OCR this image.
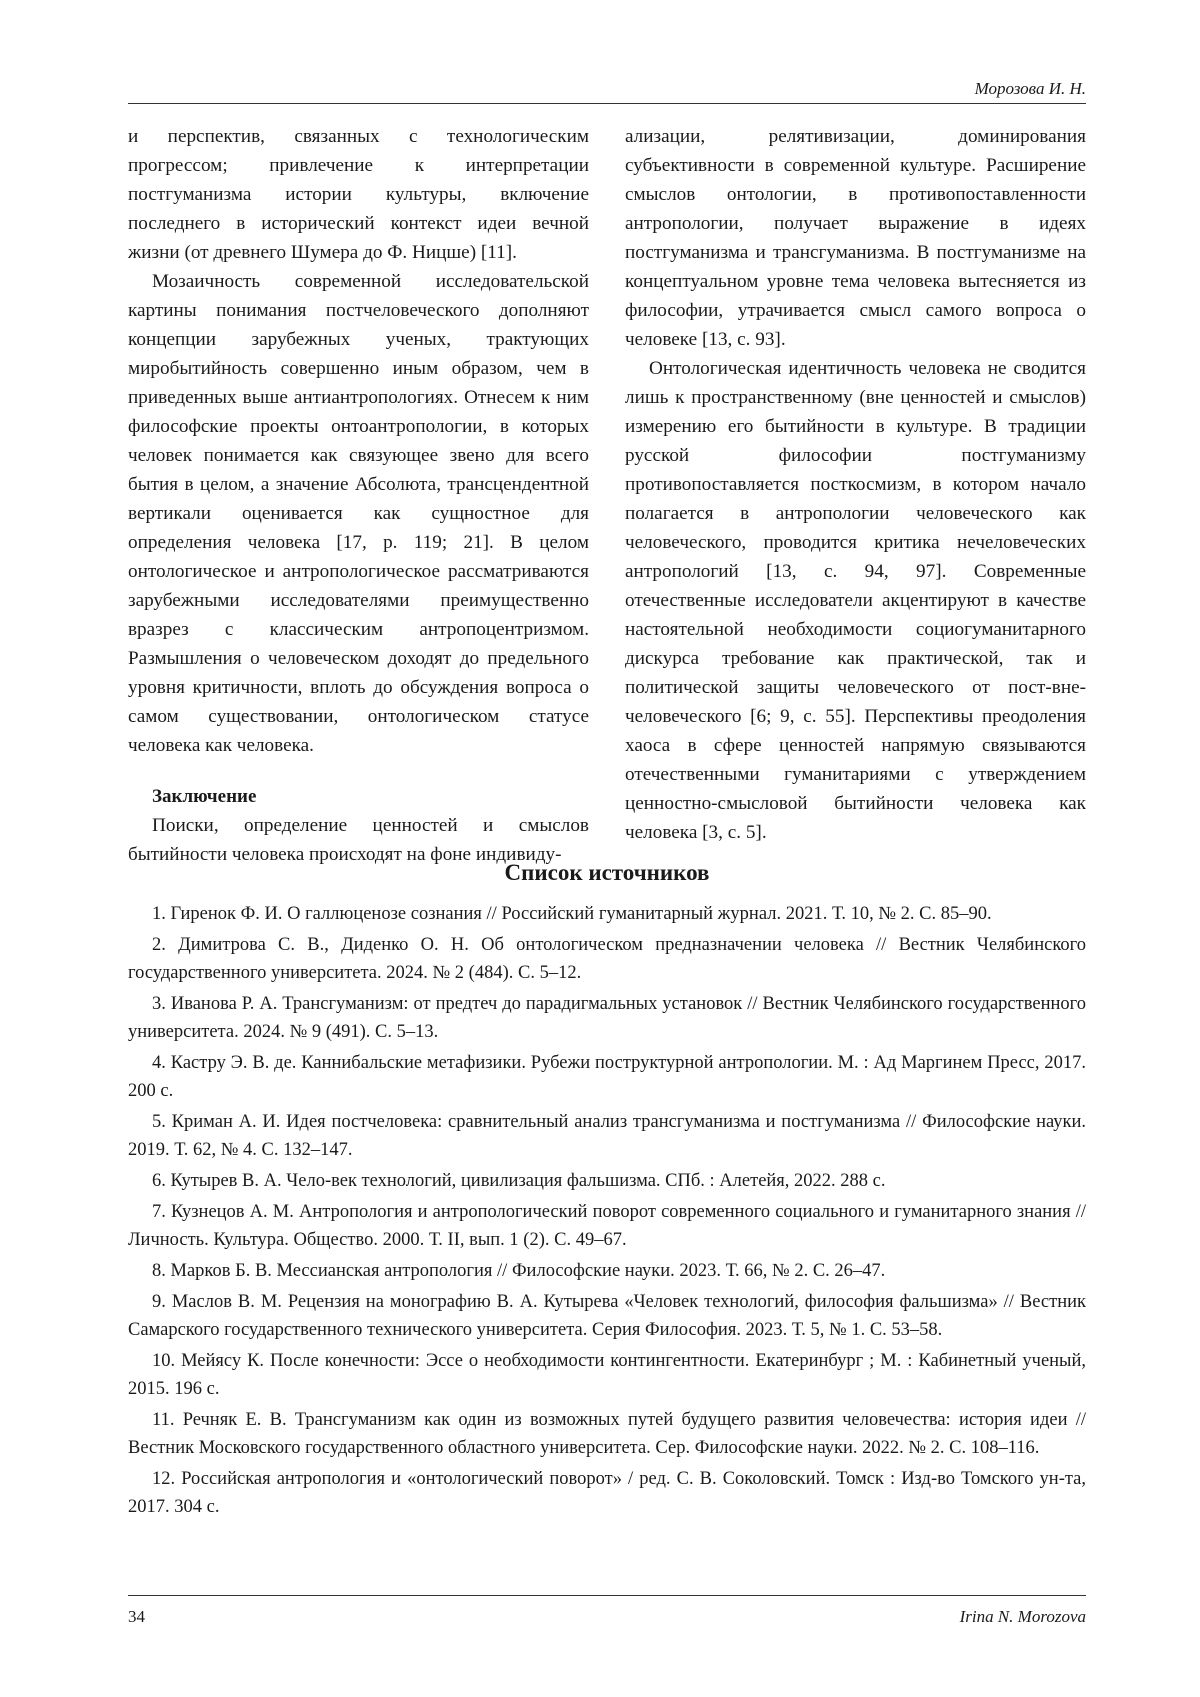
Морозова И. Н.

и перспектив, связанных с технологическим прогрессом; привлечение к интерпретации постгуманизма истории культуры, включение последнего в исторический контекст идеи вечной жизни (от древнего Шумера до Ф. Ницше) [11].

Мозаичность современной исследовательской картины понимания постчеловеческого дополняют концепции зарубежных ученых, трактующих миробытийность совершенно иным образом, чем в приведенных выше антиантропологиях. Отнесем к ним философские проекты онтоантропологии, в которых человек понимается как связующее звено для всего бытия в целом, а значение Абсолюта, трансцендентной вертикали оценивается как сущностное для определения человека [17, p. 119; 21]. В целом онтологическое и антропологическое рассматриваются зарубежными исследователями преимущественно вразрез с классическим антропоцентризмом. Размышления о человеческом доходят до предельного уровня критичности, вплоть до обсуждения вопроса о самом существовании, онтологическом статусе человека как человека.

Заключение

Поиски, определение ценностей и смыслов бытийности человека происходят на фоне индивиду-

ализации, релятивизации, доминирования субъективности в современной культуре. Расширение смыслов онтологии, в противопоставленности антропологии, получает выражение в идеях постгуманизма и трансгуманизма. В постгуманизме на концептуальном уровне тема человека вытесняется из философии, утрачивается смысл самого вопроса о человеке [13, с. 93].

Онтологическая идентичность человека не сводится лишь к пространственному (вне ценностей и смыслов) измерению его бытийности в культуре. В традиции русской философии постгуманизму противопоставляется посткосмизм, в котором начало полагается в антропологии человеческого как человеческого, проводится критика нечеловеческих антропологий [13, с. 94, 97]. Современные отечественные исследователи акцентируют в качестве настоятельной необходимости социогуманитарного дискурса требование как практической, так и политической защиты человеческого от пост-вне-человеческого [6; 9, с. 55]. Перспективы преодоления хаоса в сфере ценностей напрямую связываются отечественными гуманитариями с утверждением ценностно-смысловой бытийности человека как человека [3, с. 5].

Список источников

1. Гиренок Ф. И. О галлюценозе сознания // Российский гуманитарный журнал. 2021. Т. 10, № 2. С. 85–90.

2. Димитрова С. В., Диденко О. Н. Об онтологическом предназначении человека // Вестник Челябинского государственного университета. 2024. № 2 (484). С. 5–12.

3. Иванова Р. А. Трансгуманизм: от предтеч до парадигмальных установок // Вестник Челябинского государственного университета. 2024. № 9 (491). С. 5–13.

4. Кастру Э. В. де. Каннибальские метафизики. Рубежи поструктурной антропологии. М. : Ад Маргинем Пресс, 2017. 200 с.

5. Криман А. И. Идея постчеловека: сравнительный анализ трансгуманизма и постгуманизма // Философские науки. 2019. Т. 62, № 4. С. 132–147.

6. Кутырев В. А. Чело-век технологий, цивилизация фальшизма. СПб. : Алетейя, 2022. 288 с.

7. Кузнецов А. М. Антропология и антропологический поворот современного социального и гуманитарного знания // Личность. Культура. Общество. 2000. Т. II, вып. 1 (2). С. 49–67.

8. Марков Б. В. Мессианская антропология // Философские науки. 2023. Т. 66, № 2. С. 26–47.

9. Маслов В. М. Рецензия на монографию В. А. Кутырева «Человек технологий, философия фальшизма» // Вестник Самарского государственного технического университета. Серия Философия. 2023. Т. 5, № 1. С. 53–58.

10. Мейясу К. После конечности: Эссе о необходимости контингентности. Екатеринбург ; М. : Кабинетный ученый, 2015. 196 с.

11. Речняк Е. В. Трансгуманизм как один из возможных путей будущего развития человечества: история идеи // Вестник Московского государственного областного университета. Сер. Философские науки. 2022. № 2. С. 108–116.

12. Российская антропология и «онтологический поворот» / ред. С. В. Соколовский. Томск : Изд-во Томского ун-та, 2017. 304 с.

34	Irina N. Morozova
